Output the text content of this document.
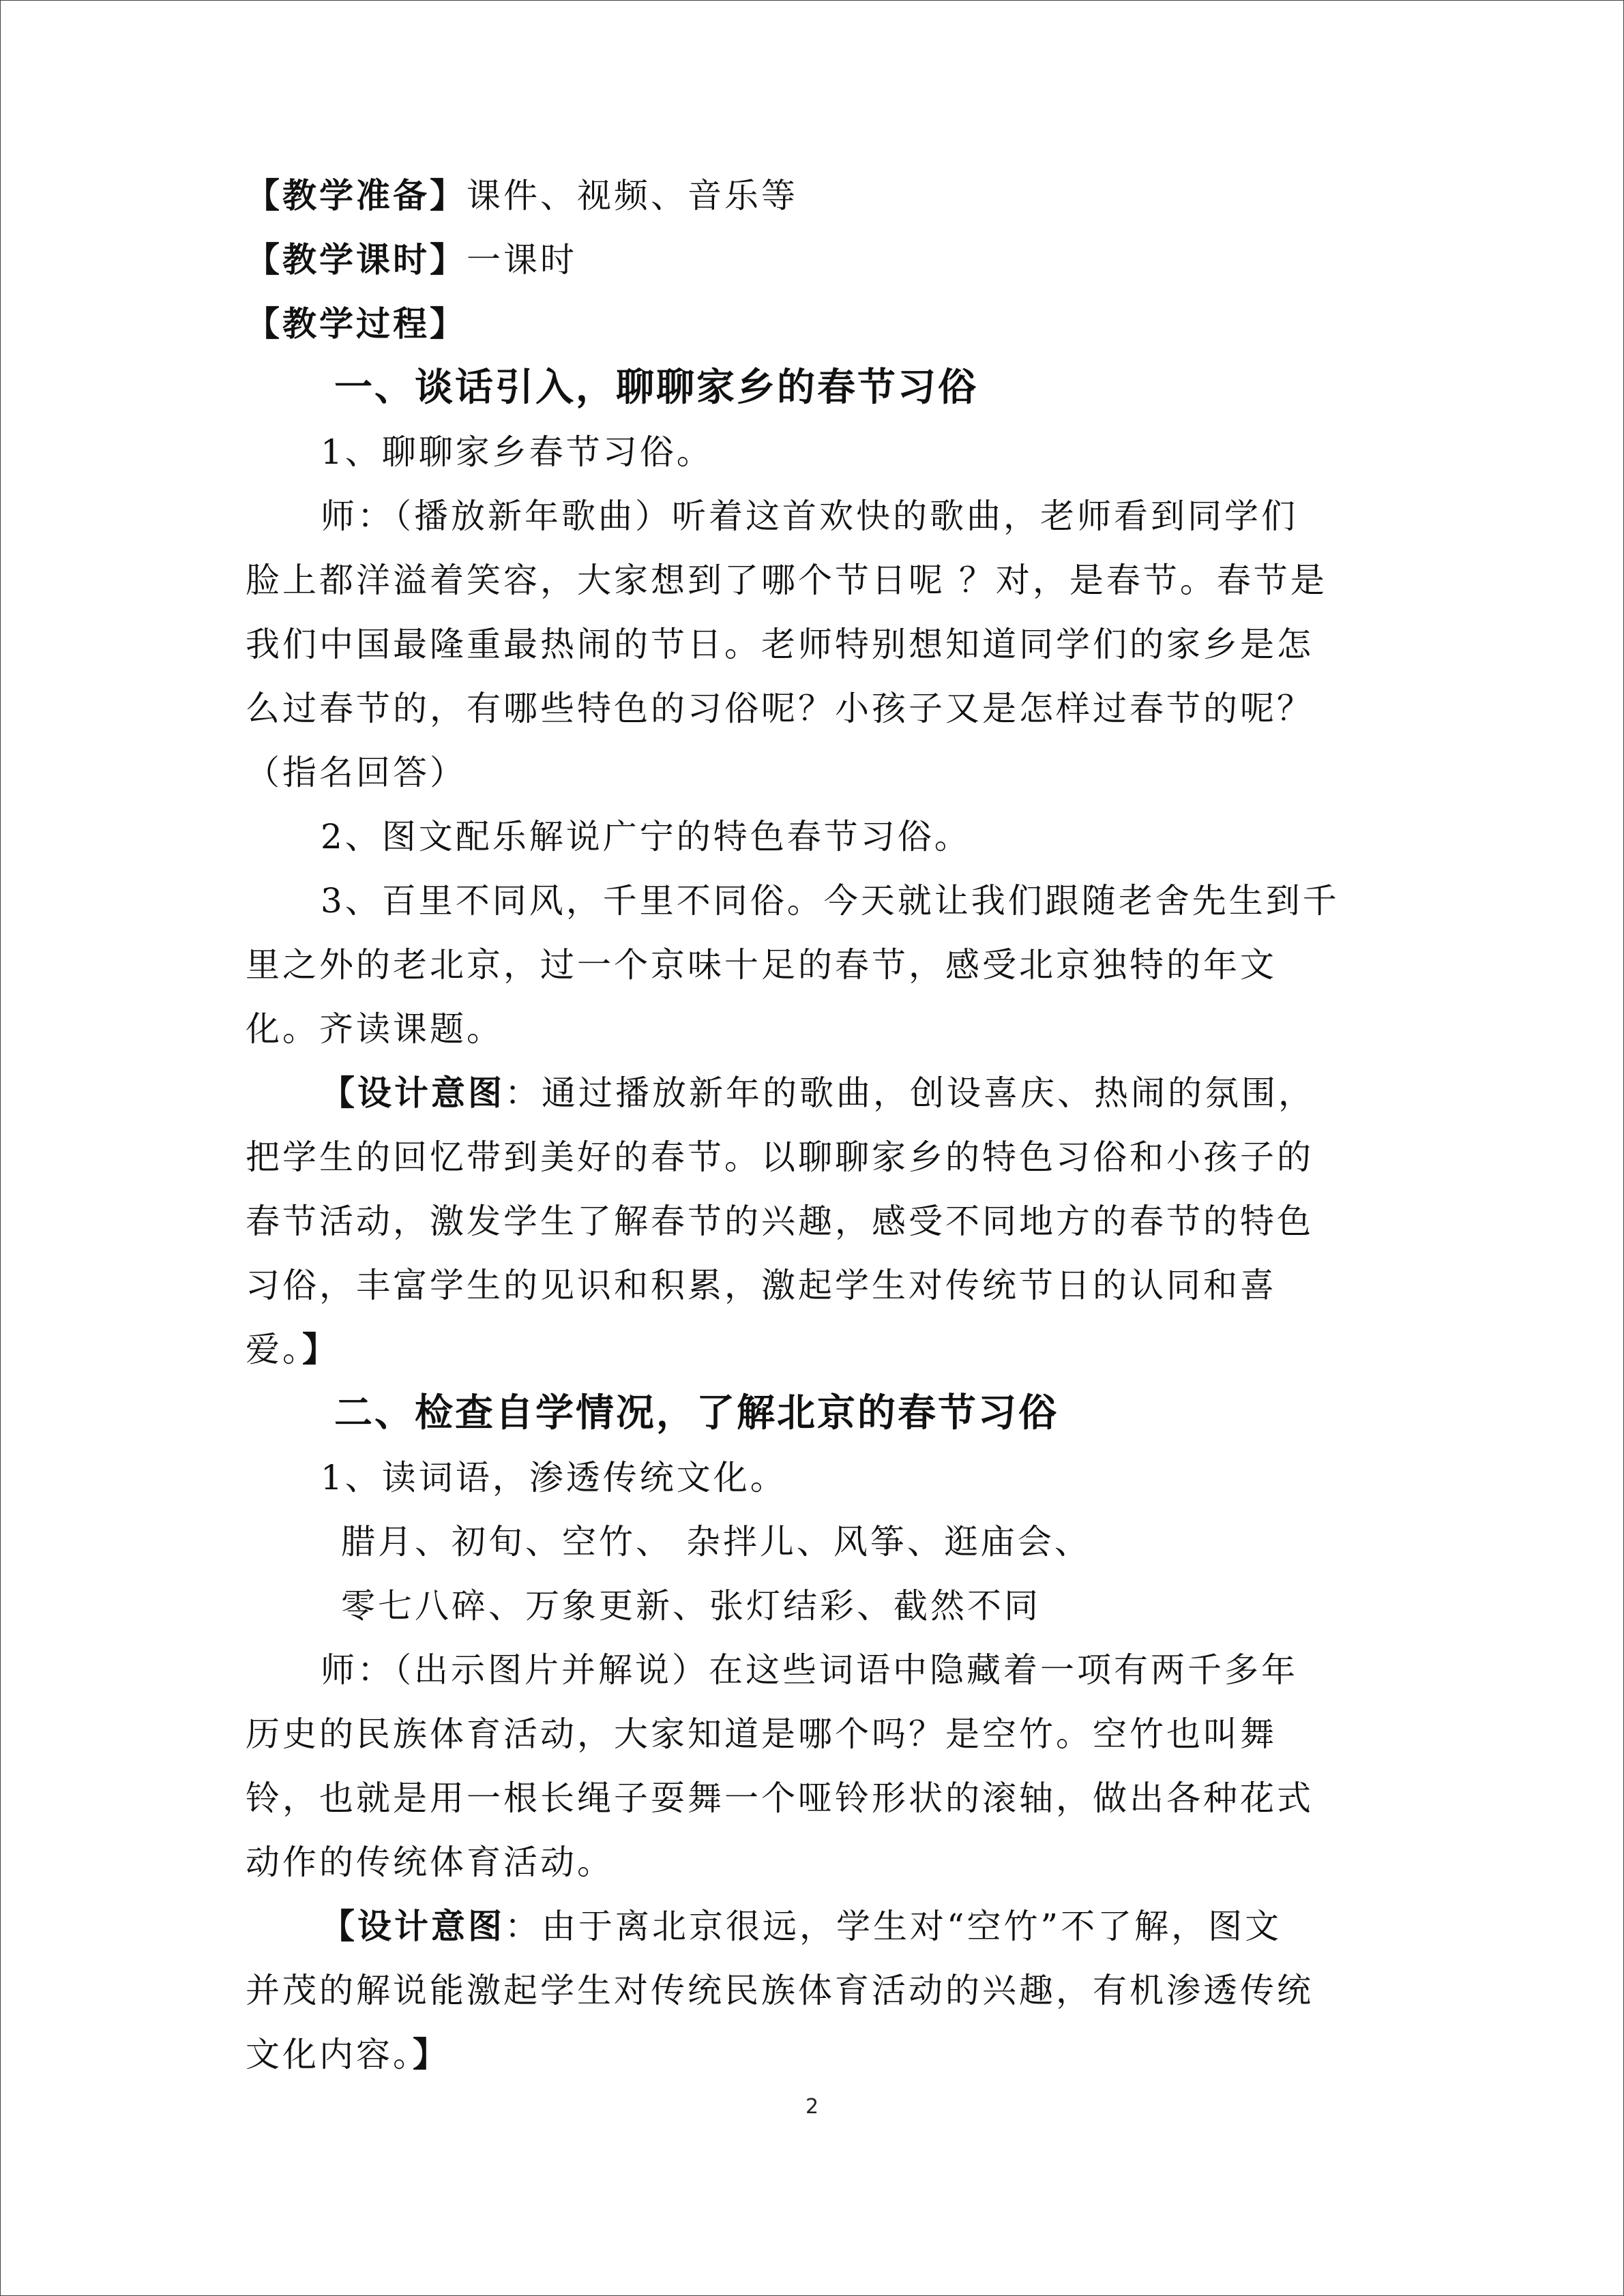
【教学准备】课件、视频、音乐等
【教学课时】一课时
【教学过程】
一、谈话引入，聊聊家乡的春节习俗
1、聊聊家乡春节习俗。
师：（播放新年歌曲）听着这首欢快的歌曲，老师看到同学们
脸上都洋溢着笑容，大家想到了哪个节日呢 ？对，是春节。春节是
我们中国最隆重最热闹的节日。老师特别想知道同学们的家乡是怎
么过春节的，有哪些特色的习俗呢？小孩子又是怎样过春节的呢？
（指名回答）
2、图文配乐解说广宁的特色春节习俗。
3、百里不同风，千里不同俗。今天就让我们跟随老舍先生到千
里之外的老北京，过一个京味十足的春节，感受北京独特的年文
化。齐读课题。
【设计意图：通过播放新年的歌曲，创设喜庆、热闹的氛围，
把学生的回忆带到美好的春节。以聊聊家乡的特色习俗和小孩子的
春节活动，激发学生了解春节的兴趣，感受不同地方的春节的特色
习俗，丰富学生的见识和积累，激起学生对传统节日的认同和喜
爱。】
二、检查自学情况，了解北京的春节习俗
1、读词语，渗透传统文化。
腊月、初旬、空竹、 杂拌儿、风筝、逛庙会、
零七八碎、万象更新、张灯结彩、截然不同
师：（出示图片并解说）在这些词语中隐藏着一项有两千多年
历史的民族体育活动，大家知道是哪个吗？是空竹。空竹也叫舞
铃，也就是用一根长绳子耍舞一个哑铃形状的滚轴，做出各种花式
动作的传统体育活动。
【设计意图：由于离北京很远，学生对“空竹”不了解，图文
并茂的解说能激起学生对传统民族体育活动的兴趣，有机渗透传统
文化内容。】
2
